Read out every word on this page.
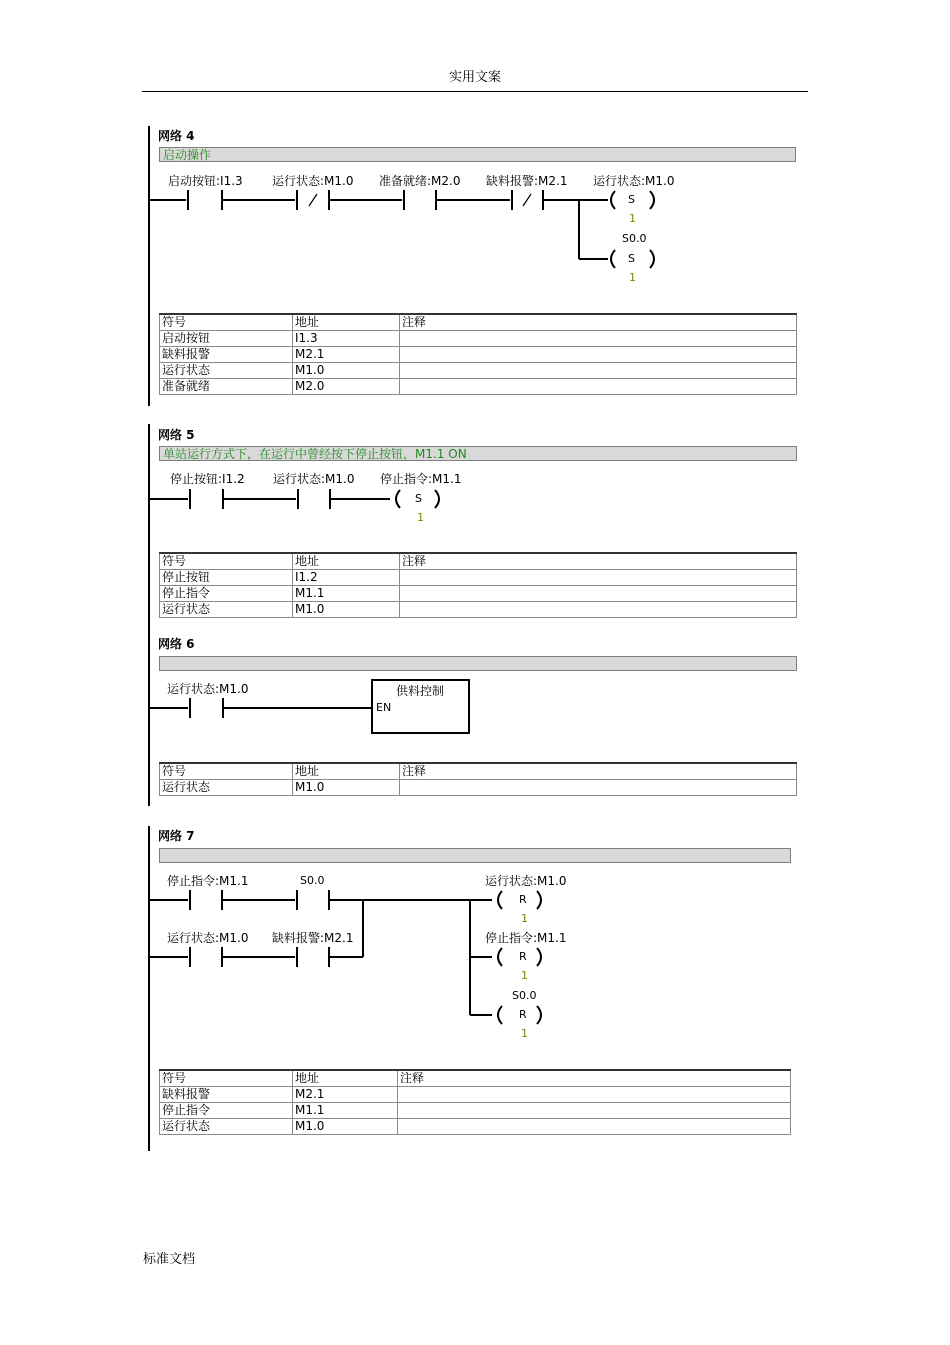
实用文案
网络 4
启动操作
启动按钮:I1.3 运行状态:M1.0 准备就绪:M2.0 缺料报警:M2.1 运行状态:M1.0
S
1
S0.0
S
1
符号	地址	注释
启动按钮	I1.3	
缺料报警	M2.1	
运行状态	M1.0	
准备就绪	M2.0	
网络 5
单站运行方式下，在运行中曾经按下停止按钮，M1.1 ON
停止按钮:I1.2 运行状态:M1.0 停止指令:M1.1
S
1
符号	地址	注释
停止按钮	I1.2	
停止指令	M1.1	
运行状态	M1.0	
网络 6
运行状态:M1.0	供料控制
EN
符号	地址	注释
运行状态	M1.0	
网络 7
停止指令:M1.1	S0.0
运行状态:M1.0 缺料报警:M2.1
运行状态:M1.0
R
1
停止指令:M1.1
R
1
S0.0
R
1
符号	地址	注释
缺料报警	M2.1	
停止指令	M1.1	
运行状态	M1.0	
标准文档
